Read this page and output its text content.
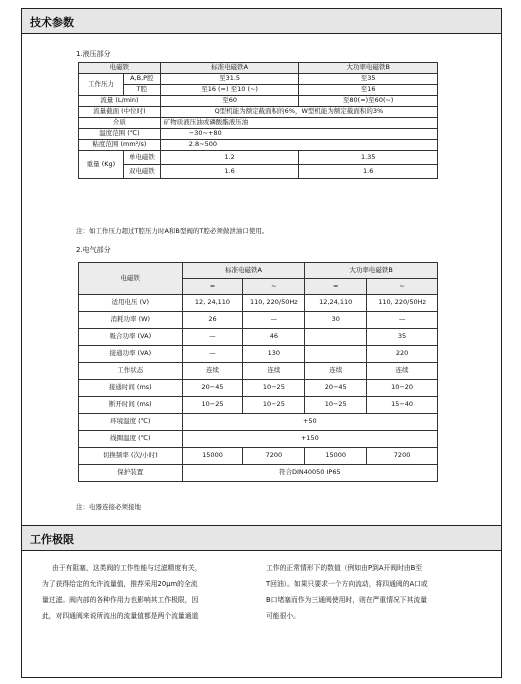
技术参数
1.液压部分
电磁铁		标准电磁铁A	大功率电磁铁B
工作压力	A,B,P腔	至31.5	至35
	T腔	至16 (=) 至10 (~)	至16
流量 (L/min)		至60	至80(=)至60(~)
流量截面 (中位时)		Q型机能为额定截面积的6%，W型机能为额定截面积的3%	
介质		矿物质液压油或磷酸酯液压油	
温度范围 (℃)		−30∼+80	
粘度范围 (mm²/s)		2.8∼500	
重量 (Kg)	单电磁铁	1.2	1.35
	双电磁铁	1.6	1.6
注：如工作压力超过T腔压力时A和B型阀的T腔必须做泄油口使用。
2.电气部分
电磁铁	标准电磁铁A		大功率电磁铁B	
	=	~	=	~
适用电压 (V)	12, 24,110	110, 220/50Hz	12,24,110	110, 220/50Hz
消耗功率 (W)	26	—	30	—
吸合功率 (VA)	—	46		35
接通功率 (VA)	—	130		220
工作状态	连续	连续	连续	连续
接通时间 (ms)	20−45	10−25	20−45	10−20
断开时间 (ms)	10−25	10−25	10−25	15−40
环境温度 (℃)	+50			
线圈温度 (℃)	+150			
切换频率 (次/小时)	15000	7200	15000	7200
保护装置	符合DIN40050 IP65			
注：电器连接必须接地
工作极限
由于有阻塞，这类阀的工作性能与过滤精度有关，
为了获得给定的允许流量值，推荐采用20μm的全流
量过滤。阀内部的各种作用力也影响其工作极限，因
此，对四通阀来说所流出的流量值都是两个流量通道
工作的正常情形下的数值（例如由P到A开阀时由B至
T回油）。如果只要求一个方向流动，将四通阀的A口或
B口堵塞而作为三通阀使用时，则在严重情况下其流量
可能很小。
